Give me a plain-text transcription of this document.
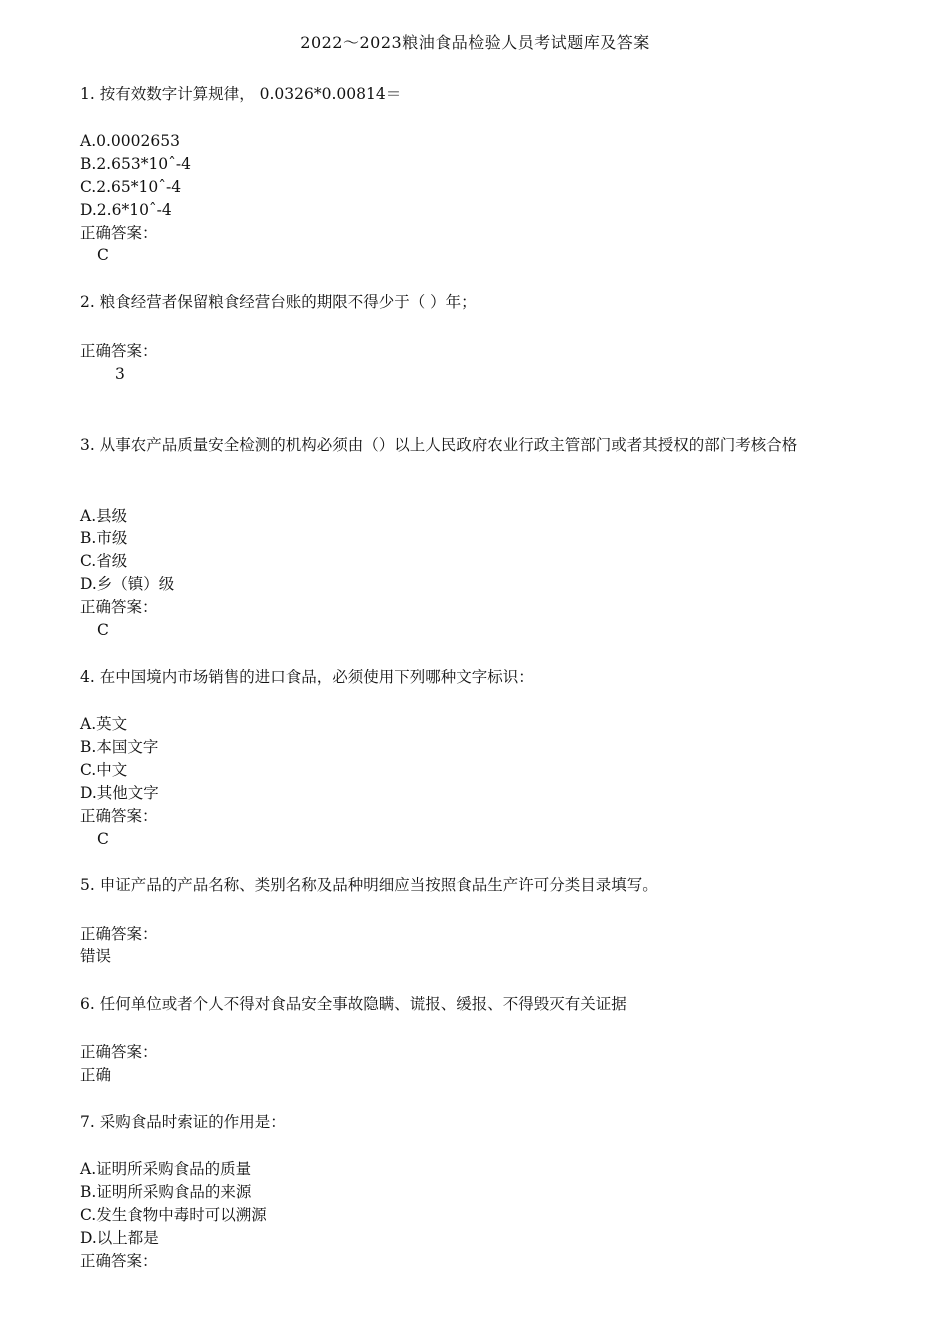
2022～2023粮油食品检验人员考试题库及答案
1. 按有效数字计算规律， 0.0326*0.00814＝
A.0.0002653
B.2.653*10ˆ-4
C.2.65*10ˆ-4
D.2.6*10ˆ-4
正确答案：
C
2. 粮食经营者保留粮食经营台账的期限不得少于（ ）年；
正确答案：
3
3. 从事农产品质量安全检测的机构必须由（）以上人民政府农业行政主管部门或者其授权的部门考核合格
A.县级
B.市级
C.省级
D.乡（镇）级
正确答案：
C
4. 在中国境内市场销售的进口食品，必须使用下列哪种文字标识：
A.英文
B.本国文字
C.中文
D.其他文字
正确答案：
C
5. 申证产品的产品名称、类别名称及品种明细应当按照食品生产许可分类目录填写。
正确答案：
错误
6. 任何单位或者个人不得对食品安全事故隐瞒、谎报、缓报、不得毁灭有关证据
正确答案：
正确
7. 采购食品时索证的作用是：
A.证明所采购食品的质量
B.证明所采购食品的来源
C.发生食物中毒时可以溯源
D.以上都是
正确答案：
